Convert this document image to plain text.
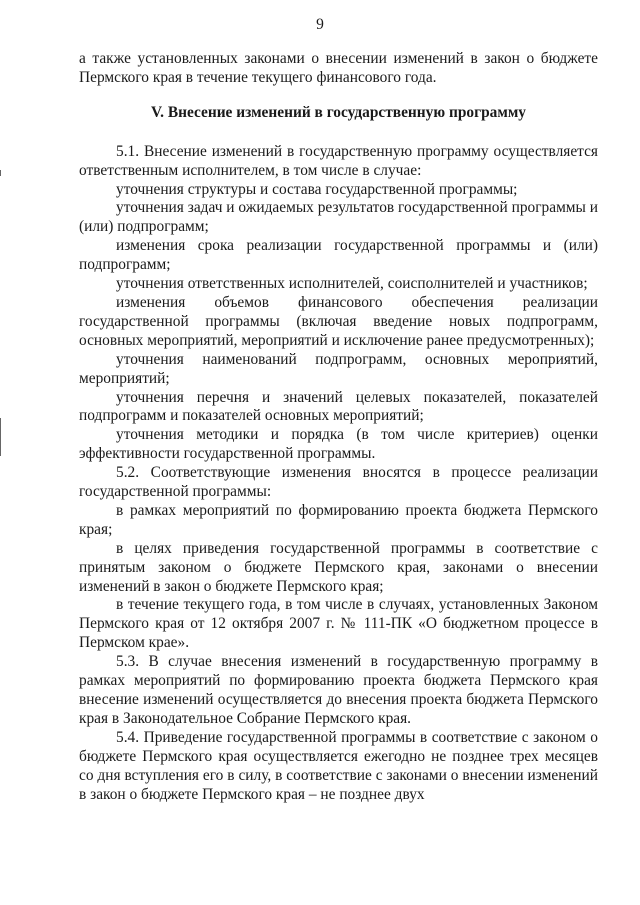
9

а также установленных законами о внесении изменений в закон о бюджете Пермского края в течение текущего финансового года.

V. Внесение изменений в государственную программу

5.1. Внесение изменений в государственную программу осуществляется ответственным исполнителем, в том числе в случае:

уточнения структуры и состава государственной программы;

уточнения задач и ожидаемых результатов государственной программы и (или) подпрограмм;

изменения срока реализации государственной программы и (или) подпрограмм;

уточнения ответственных исполнителей, соисполнителей и участников;

изменения объемов финансового обеспечения реализации государственной программы (включая введение новых подпрограмм, основных мероприятий, мероприятий и исключение ранее предусмотренных);

уточнения наименований подпрограмм, основных мероприятий, мероприятий;

уточнения перечня и значений целевых показателей, показателей подпрограмм и показателей основных мероприятий;

уточнения методики и порядка (в том числе критериев) оценки эффективности государственной программы.

5.2. Соответствующие изменения вносятся в процессе реализации государственной программы:

в рамках мероприятий по формированию проекта бюджета Пермского края;

в целях приведения государственной программы в соответствие с принятым законом о бюджете Пермского края, законами о внесении изменений в закон о бюджете Пермского края;

в течение текущего года, в том числе в случаях, установленных Законом Пермского края от 12 октября 2007 г. № 111-ПК «О бюджетном процессе в Пермском крае».

5.3. В случае внесения изменений в государственную программу в рамках мероприятий по формированию проекта бюджета Пермского края внесение изменений осуществляется до внесения проекта бюджета Пермского края в Законодательное Собрание Пермского края.

5.4. Приведение государственной программы в соответствие с законом о бюджете Пермского края осуществляется ежегодно не позднее трех месяцев со дня вступления его в силу, в соответствие с законами о внесении изменений в закон о бюджете Пермского края – не позднее двух
